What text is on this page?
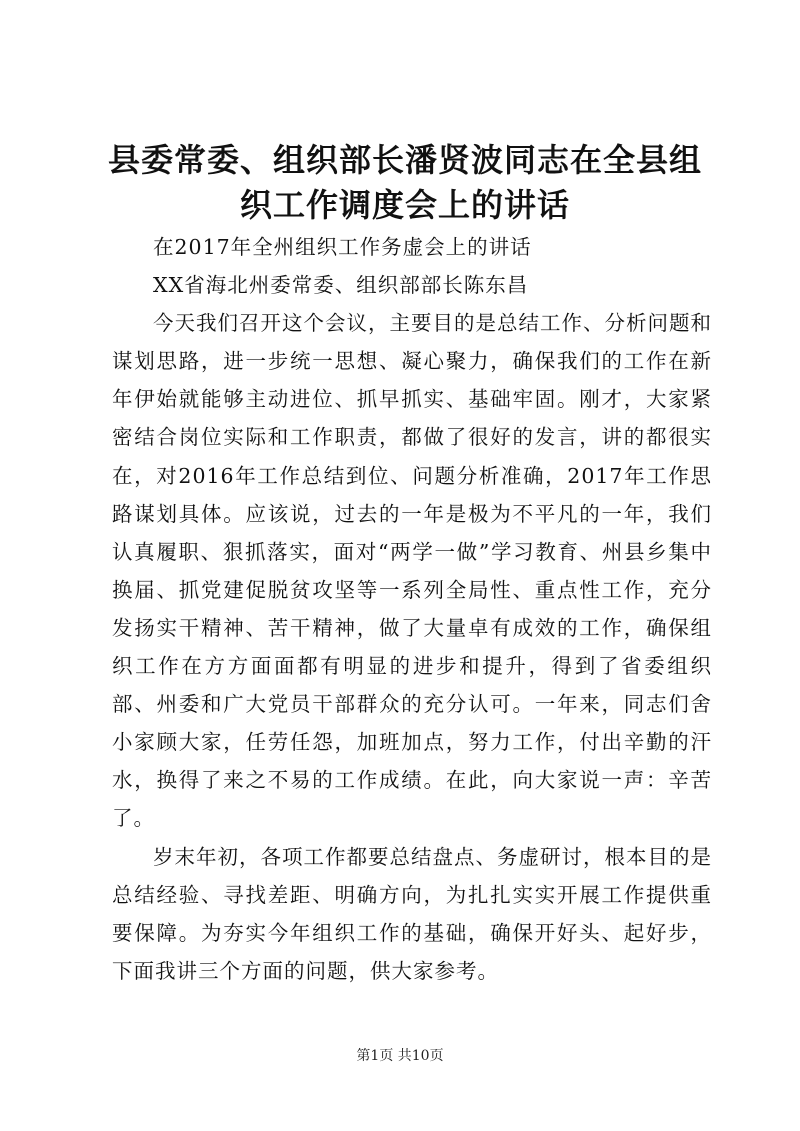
县委常委、组织部长潘贤波同志在全县组织工作调度会上的讲话

在2017年全州组织工作务虚会上的讲话

XX省海北州委常委、组织部部长陈东昌

今天我们召开这个会议，主要目的是总结工作、分析问题和谋划思路，进一步统一思想、凝心聚力，确保我们的工作在新年伊始就能够主动进位、抓早抓实、基础牢固。刚才，大家紧密结合岗位实际和工作职责，都做了很好的发言，讲的都很实在，对2016年工作总结到位、问题分析准确，2017年工作思路谋划具体。应该说，过去的一年是极为不平凡的一年，我们认真履职、狠抓落实，面对“两学一做”学习教育、州县乡集中换届、抓党建促脱贫攻坚等一系列全局性、重点性工作，充分发扬实干精神、苦干精神，做了大量卓有成效的工作，确保组织工作在方方面面都有明显的进步和提升，得到了省委组织部、州委和广大党员干部群众的充分认可。一年来，同志们舍小家顾大家，任劳任怨，加班加点，努力工作，付出辛勤的汗水，换得了来之不易的工作成绩。在此，向大家说一声：辛苦了。

岁末年初，各项工作都要总结盘点、务虚研讨，根本目的是总结经验、寻找差距、明确方向，为扎扎实实开展工作提供重要保障。为夯实今年组织工作的基础，确保开好头、起好步，下面我讲三个方面的问题，供大家参考。

第1页 共10页
